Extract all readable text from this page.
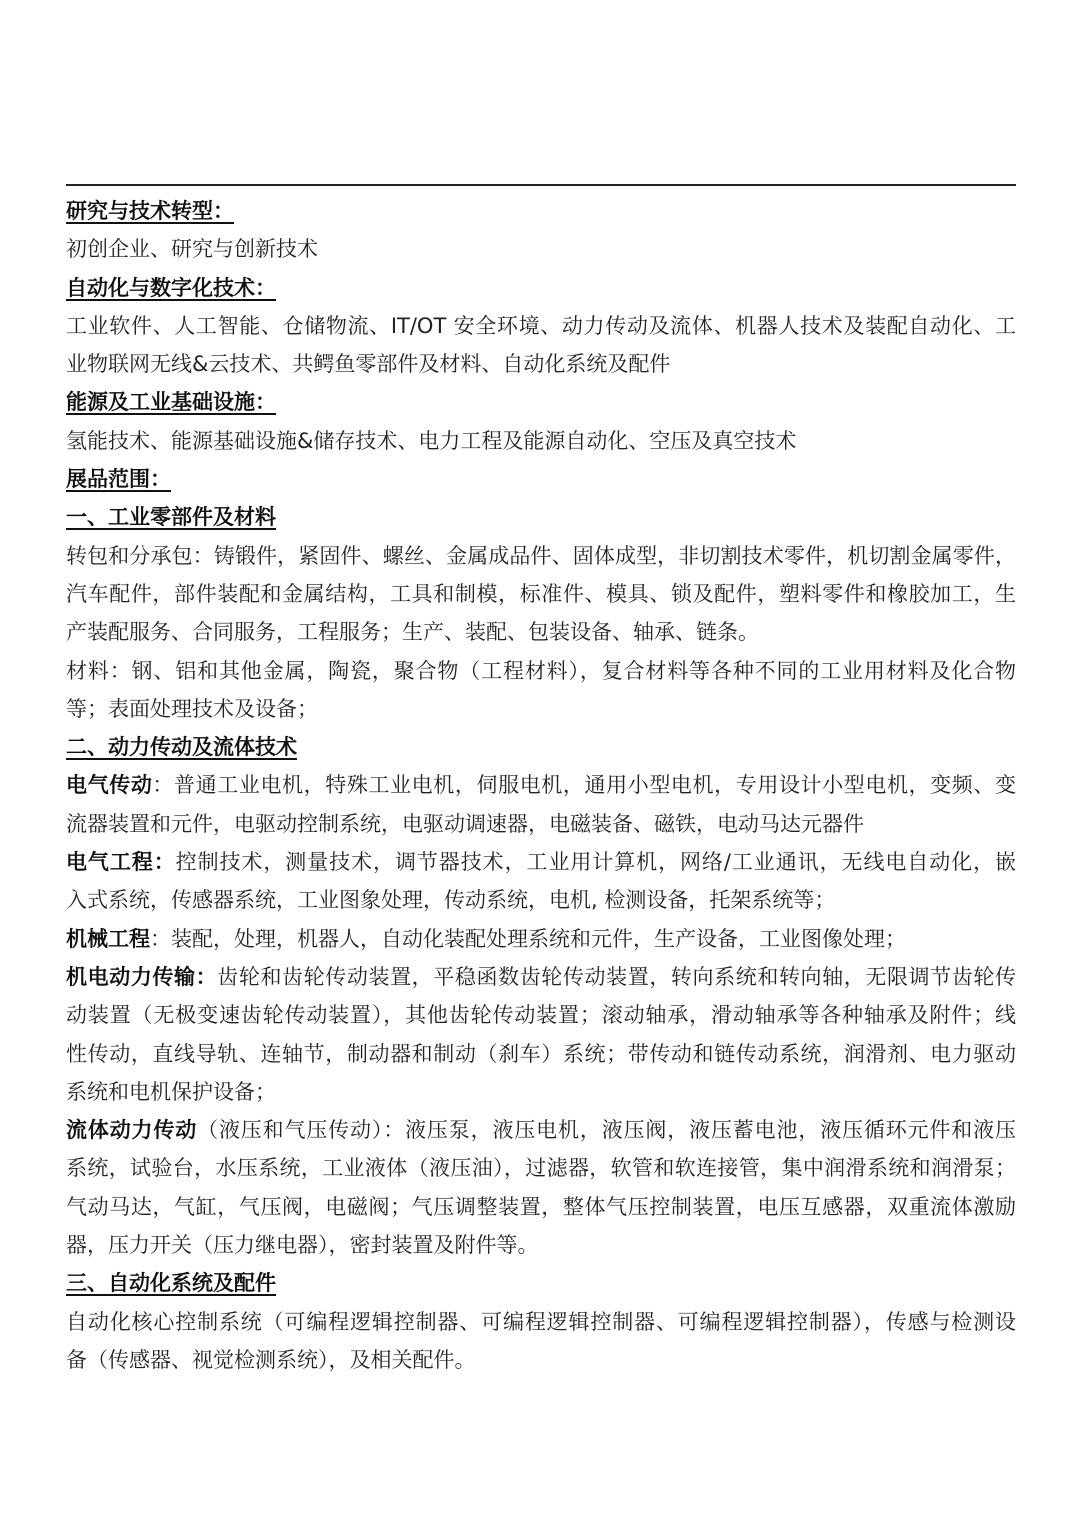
研究与技术转型：
初创企业、研究与创新技术
自动化与数字化技术：
工业软件、人工智能、仓储物流、IT/OT 安全环境、动力传动及流体、机器人技术及装配自动化、工
业物联网无线&云技术、共鳄鱼零部件及材料、自动化系统及配件
能源及工业基础设施：
氢能技术、能源基础设施&储存技术、电力工程及能源自动化、空压及真空技术
展品范围：
一、工业零部件及材料
转包和分承包：铸锻件，紧固件、螺丝、金属成品件、固体成型，非切割技术零件，机切割金属零件，
汽车配件，部件装配和金属结构，工具和制模，标准件、模具、锁及配件，塑料零件和橡胶加工，生
产装配服务、合同服务，工程服务；生产、装配、包装设备、轴承、链条。
材料：钢、铝和其他金属，陶瓷，聚合物（工程材料），复合材料等各种不同的工业用材料及化合物
等；表面处理技术及设备；
二、动力传动及流体技术
电气传动：普通工业电机，特殊工业电机，伺服电机，通用小型电机，专用设计小型电机，变频、变
流器装置和元件，电驱动控制系统，电驱动调速器，电磁装备、磁铁，电动马达元器件
电气工程：控制技术，测量技术，调节器技术，工业用计算机，网络/工业通讯，无线电自动化，嵌
入式系统，传感器系统，工业图象处理，传动系统，电机, 检测设备，托架系统等；
机械工程：装配，处理，机器人，自动化装配处理系统和元件，生产设备，工业图像处理；
机电动力传输：齿轮和齿轮传动装置，平稳函数齿轮传动装置，转向系统和转向轴，无限调节齿轮传
动装置（无极变速齿轮传动装置），其他齿轮传动装置；滚动轴承，滑动轴承等各种轴承及附件；线
性传动，直线导轨、连轴节，制动器和制动（刹车）系统；带传动和链传动系统，润滑剂、电力驱动
系统和电机保护设备；
流体动力传动（液压和气压传动）：液压泵，液压电机，液压阀，液压蓄电池，液压循环元件和液压
系统，试验台，水压系统，工业液体（液压油），过滤器，软管和软连接管，集中润滑系统和润滑泵；
气动马达，气缸，气压阀，电磁阀；气压调整装置，整体气压控制装置，电压互感器，双重流体激励
器，压力开关（压力继电器），密封装置及附件等。
三、自动化系统及配件
自动化核心控制系统（可编程逻辑控制器、可编程逻辑控制器、可编程逻辑控制器），传感与检测设
备（传感器、视觉检测系统），及相关配件。
